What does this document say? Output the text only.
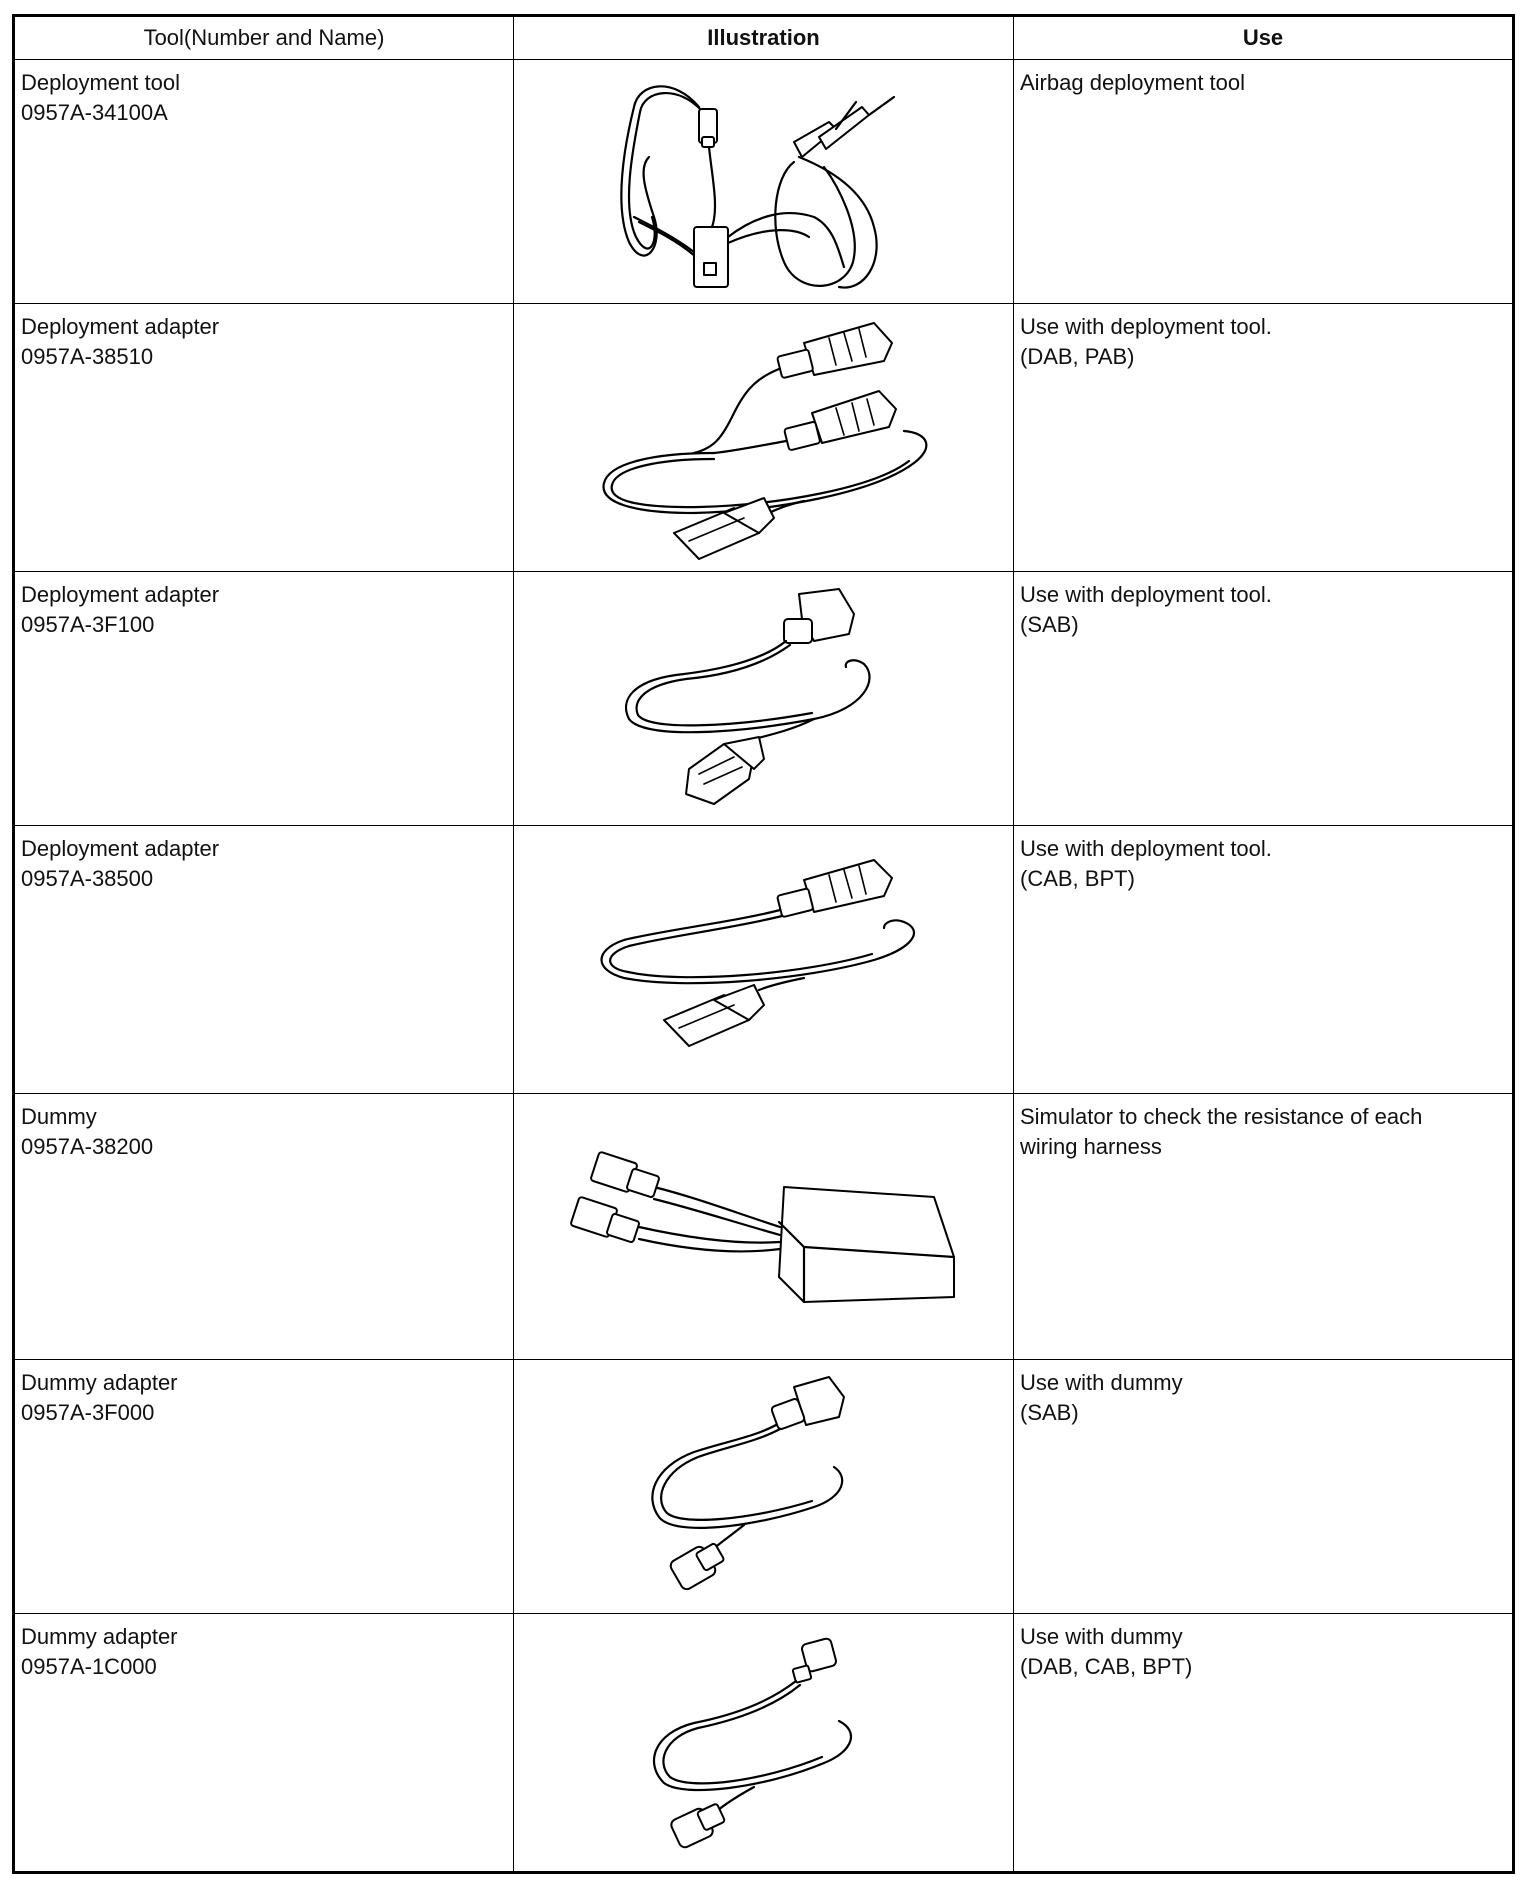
Tool(Number and Name)	Illustration	Use

Deployment tool
0957A-34100A		Airbag deployment tool

Deployment adapter
0957A-38510		Use with deployment tool.
(DAB, PAB)

Deployment adapter
0957A-3F100		Use with deployment tool.
(SAB)

Deployment adapter
0957A-38500		Use with deployment tool.
(CAB, BPT)

Dummy
0957A-38200		Simulator to check the resistance of each
wiring harness

Dummy adapter
0957A-3F000		Use with dummy
(SAB)

Dummy adapter
0957A-1C000		Use with dummy
(DAB, CAB, BPT)
